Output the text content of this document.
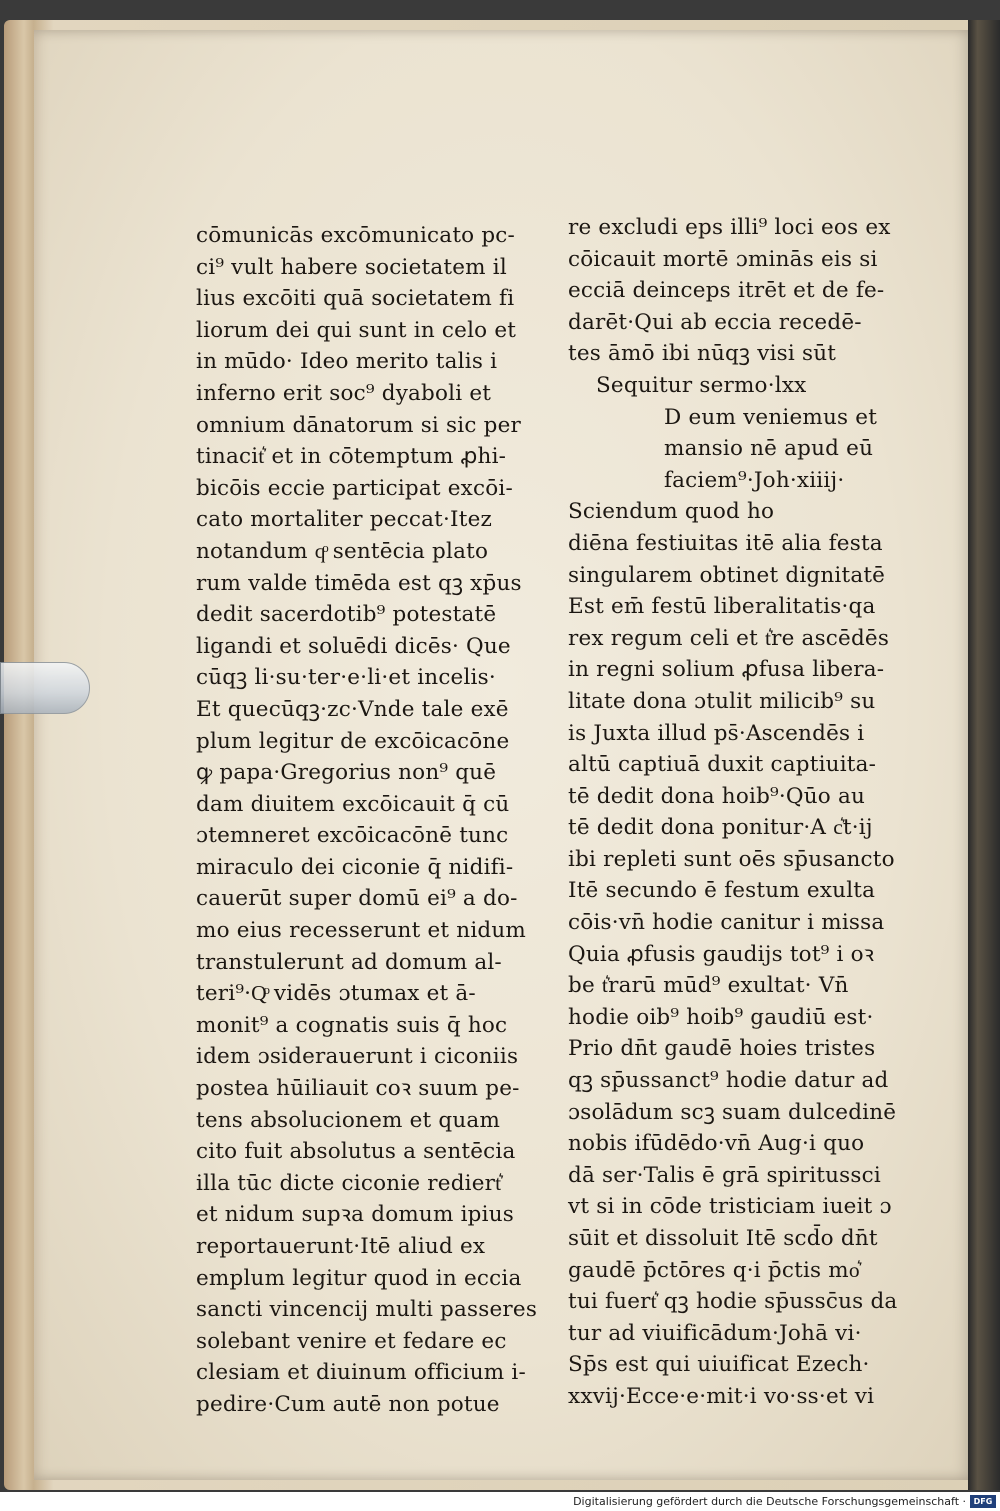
cōmunicās excōmunicato pc-
ci⁹ vult habere societatem il
lius excōiti quā societatem fi
liorum dei qui sunt in celo et
in mūdo· Ideo merito talis i
inferno erit soc⁹ dyaboli et
omnium dānatorum si sic per
tinacit͛ et in cōtemptum ꝓhi-
bicōis eccie participat excōi-
cato mortaliter peccat·Itez
notandum qͦ sentēcia plato
rum valde timēda est qꝫ xp̄us
dedit sacerdotib⁹ potestatē
ligandi et soluēdi dicēs· Que
cūqꝫ li·su·ter·e·li·et incelis·
Et quecūqꝫ·zc·Vnde tale exē
plum legitur de excōicacōne
ꝙ papa·Gregorius non⁹ quē
dam diuitem excōicauit q̄ cū
ɔtemneret excōicacōnē tunc
miraculo dei ciconie q̄ nidifi-
cauerūt super domū ei⁹ a do-
mo eius recesserunt et nidum
transtulerunt ad domum al-
teri⁹·Qͦ vidēs ɔtumax et ā-
monit⁹ a cognatis suis q̄ hoc
idem ɔsiderauerunt i ciconiis
postea hūiliauit coꝛ suum pe-
tens absolucionem et quam
cito fuit absolutus a sentēcia
illa tūc dicte ciconie rediert͛
et nidum supꝛa domum ipius
reportauerunt·Itē aliud ex
emplum legitur quod in eccia
sancti vincencij multi passeres
solebant venire et fedare ec
clesiam et diuinum officium i-
pedire·Cum autē non potue
re excludi eps illi⁹ loci eos ex
cōicauit mortē ɔminās eis si
ecciā deinceps itrēt et de fe-
darēt·Qui ab eccia recedē-
tes āmō ibi nūqꝫ visi sūt
Sequitur sermo·lxx
D eum veniemus et
mansio nē apud eū
faciem⁹·Joh·xiiij·
Sciendum quod ho
diēna festiuitas itē alia festa
singularem obtinet dignitatē
Est em̄ festū liberalitatis·qa
rex regum celi et t͛re ascēdēs
in regni solium ꝓfusa libera-
litate dona ɔtulit milicib⁹ su
is Juxta illud ps̄·Ascendēs i
altū captiuā duxit captiuita-
tē dedit dona hoib⁹·Qūo au
tē dedit dona ponitur·A c͛t·ij
ibi repleti sunt oēs sp̄usancto
Itē secundo ē festum exulta
cōis·vn̄ hodie canitur i missa
Quia ꝓfusis gaudijs tot⁹ i oꝛ
be t͛rarū mūd⁹ exultat· Vn̄
hodie oib⁹ hoib⁹ gaudiū est·
Prio dn̄t gaudē hoies tristes
qꝫ sp̄ussanct⁹ hodie datur ad
ɔsolādum scꝫ suam dulcedinē
nobis ifūdēdo·vn̄ Aug·i quo
dā ser·Talis ē grā spiritussci
vt si in cōde tristiciam iueit ɔ
sūit et dissoluit Itē scd̄o dn̄t
gaudē p̄ctōres q·i p̄ctis mo͛
tui fuert͛ qꝫ hodie sp̄ussc̄us da
tur ad viuificādum·Johā vi·
Sp̄s est qui uiuificat Ezech·
xxvij·Ecce·e·mit·i vo·ss·et vi
Digitalisierung gefördert durch die Deutsche Forschungsgemeinschaft · DFG
